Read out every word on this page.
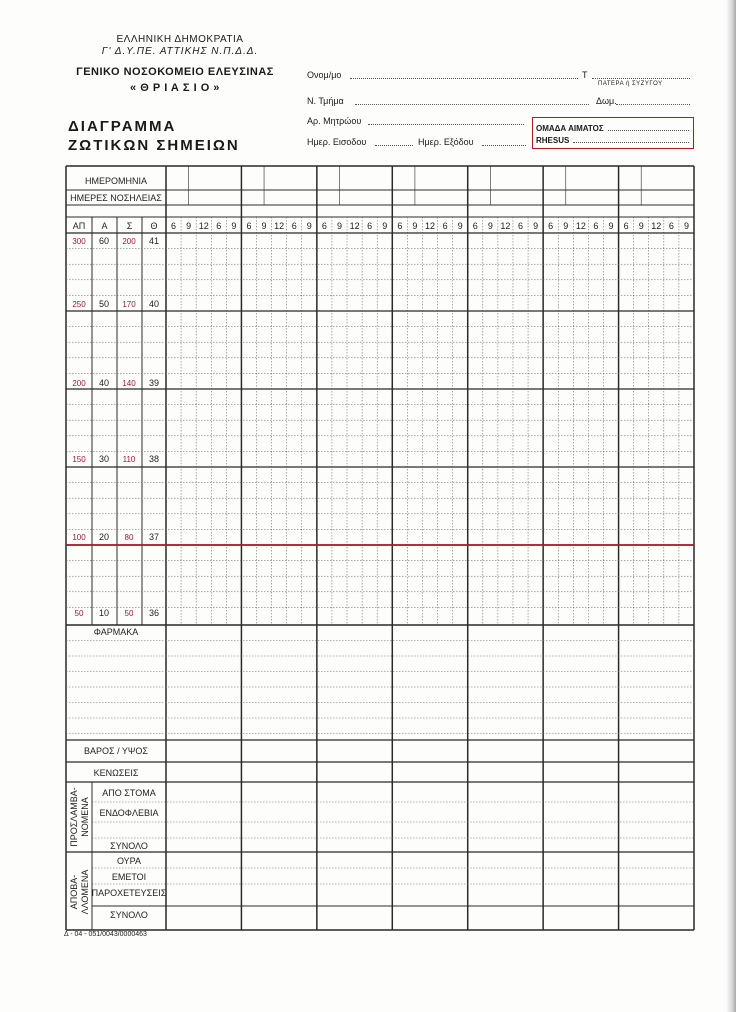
ΕΛΛΗΝΙΚΗ ΔΗΜΟΚΡΑΤΙΑ
Γ' Δ.Υ.ΠΕ. ΑΤΤΙΚΗΣ Ν.Π.Δ.Δ.
ΓΕΝΙΚΟ ΝΟΣΟΚΟΜΕΙΟ ΕΛΕΥΣΙΝΑΣ
« Θ Ρ Ι Α Σ Ι Ο »
ΔΙΑΓΡΑΜΜΑ
ΖΩΤΙΚΩΝ ΣΗΜΕΙΩΝ
Ονομ/μο	Τ
ΠΑΤΕΡΑ ή ΣΥΖΥΓΟΥ
Ν. Τμήμα	Δωμ.
Αρ. Μητρώου
Ημερ. Εισοδου	Ημερ. Εξόδου
ΟΜΑΔΑ ΑΙΜΑΤΟΣ
RHESUS
ΗΜΕΡΟΜΗΝΙΑ
ΗΜΕΡΕΣ ΝΟΣΗΛΕΙΑΣ
ΑΠ Α Σ Θ 6 9 12 6 9 6 9 12 6 9 6 9 12 6 9 6 9 12 6 9 6 9 12 6 9 6 9 12 6 9 6 9 12 6 9
300 60 200 41
250 50 170 40
200 40 140 39
150 30 110 38
100 20 80 37
50 10 50 36
ΦΑΡΜΑΚΑ
ΒΑΡΟΣ / ΥΨΟΣ
ΚΕΝΩΣΕΙΣ
ΑΠΟ ΣΤΟΜΑ
ΕΝΔΟΦΛΕΒΙΑ
ΣΥΝΟΛΟ
ΠΡΟΣΛΑΜΒΑ- ΝΟΜΕΝΑ
ΟΥΡΑ
ΕΜΕΤΟΙ
ΠΑΡΟΧΕΤΕΥΣΕΙΣ
ΣΥΝΟΛΟ
ΑΠΟΒΑ- ΛΛΟΜΕΝΑ
Δ - 04 - 051/0043/0000463
